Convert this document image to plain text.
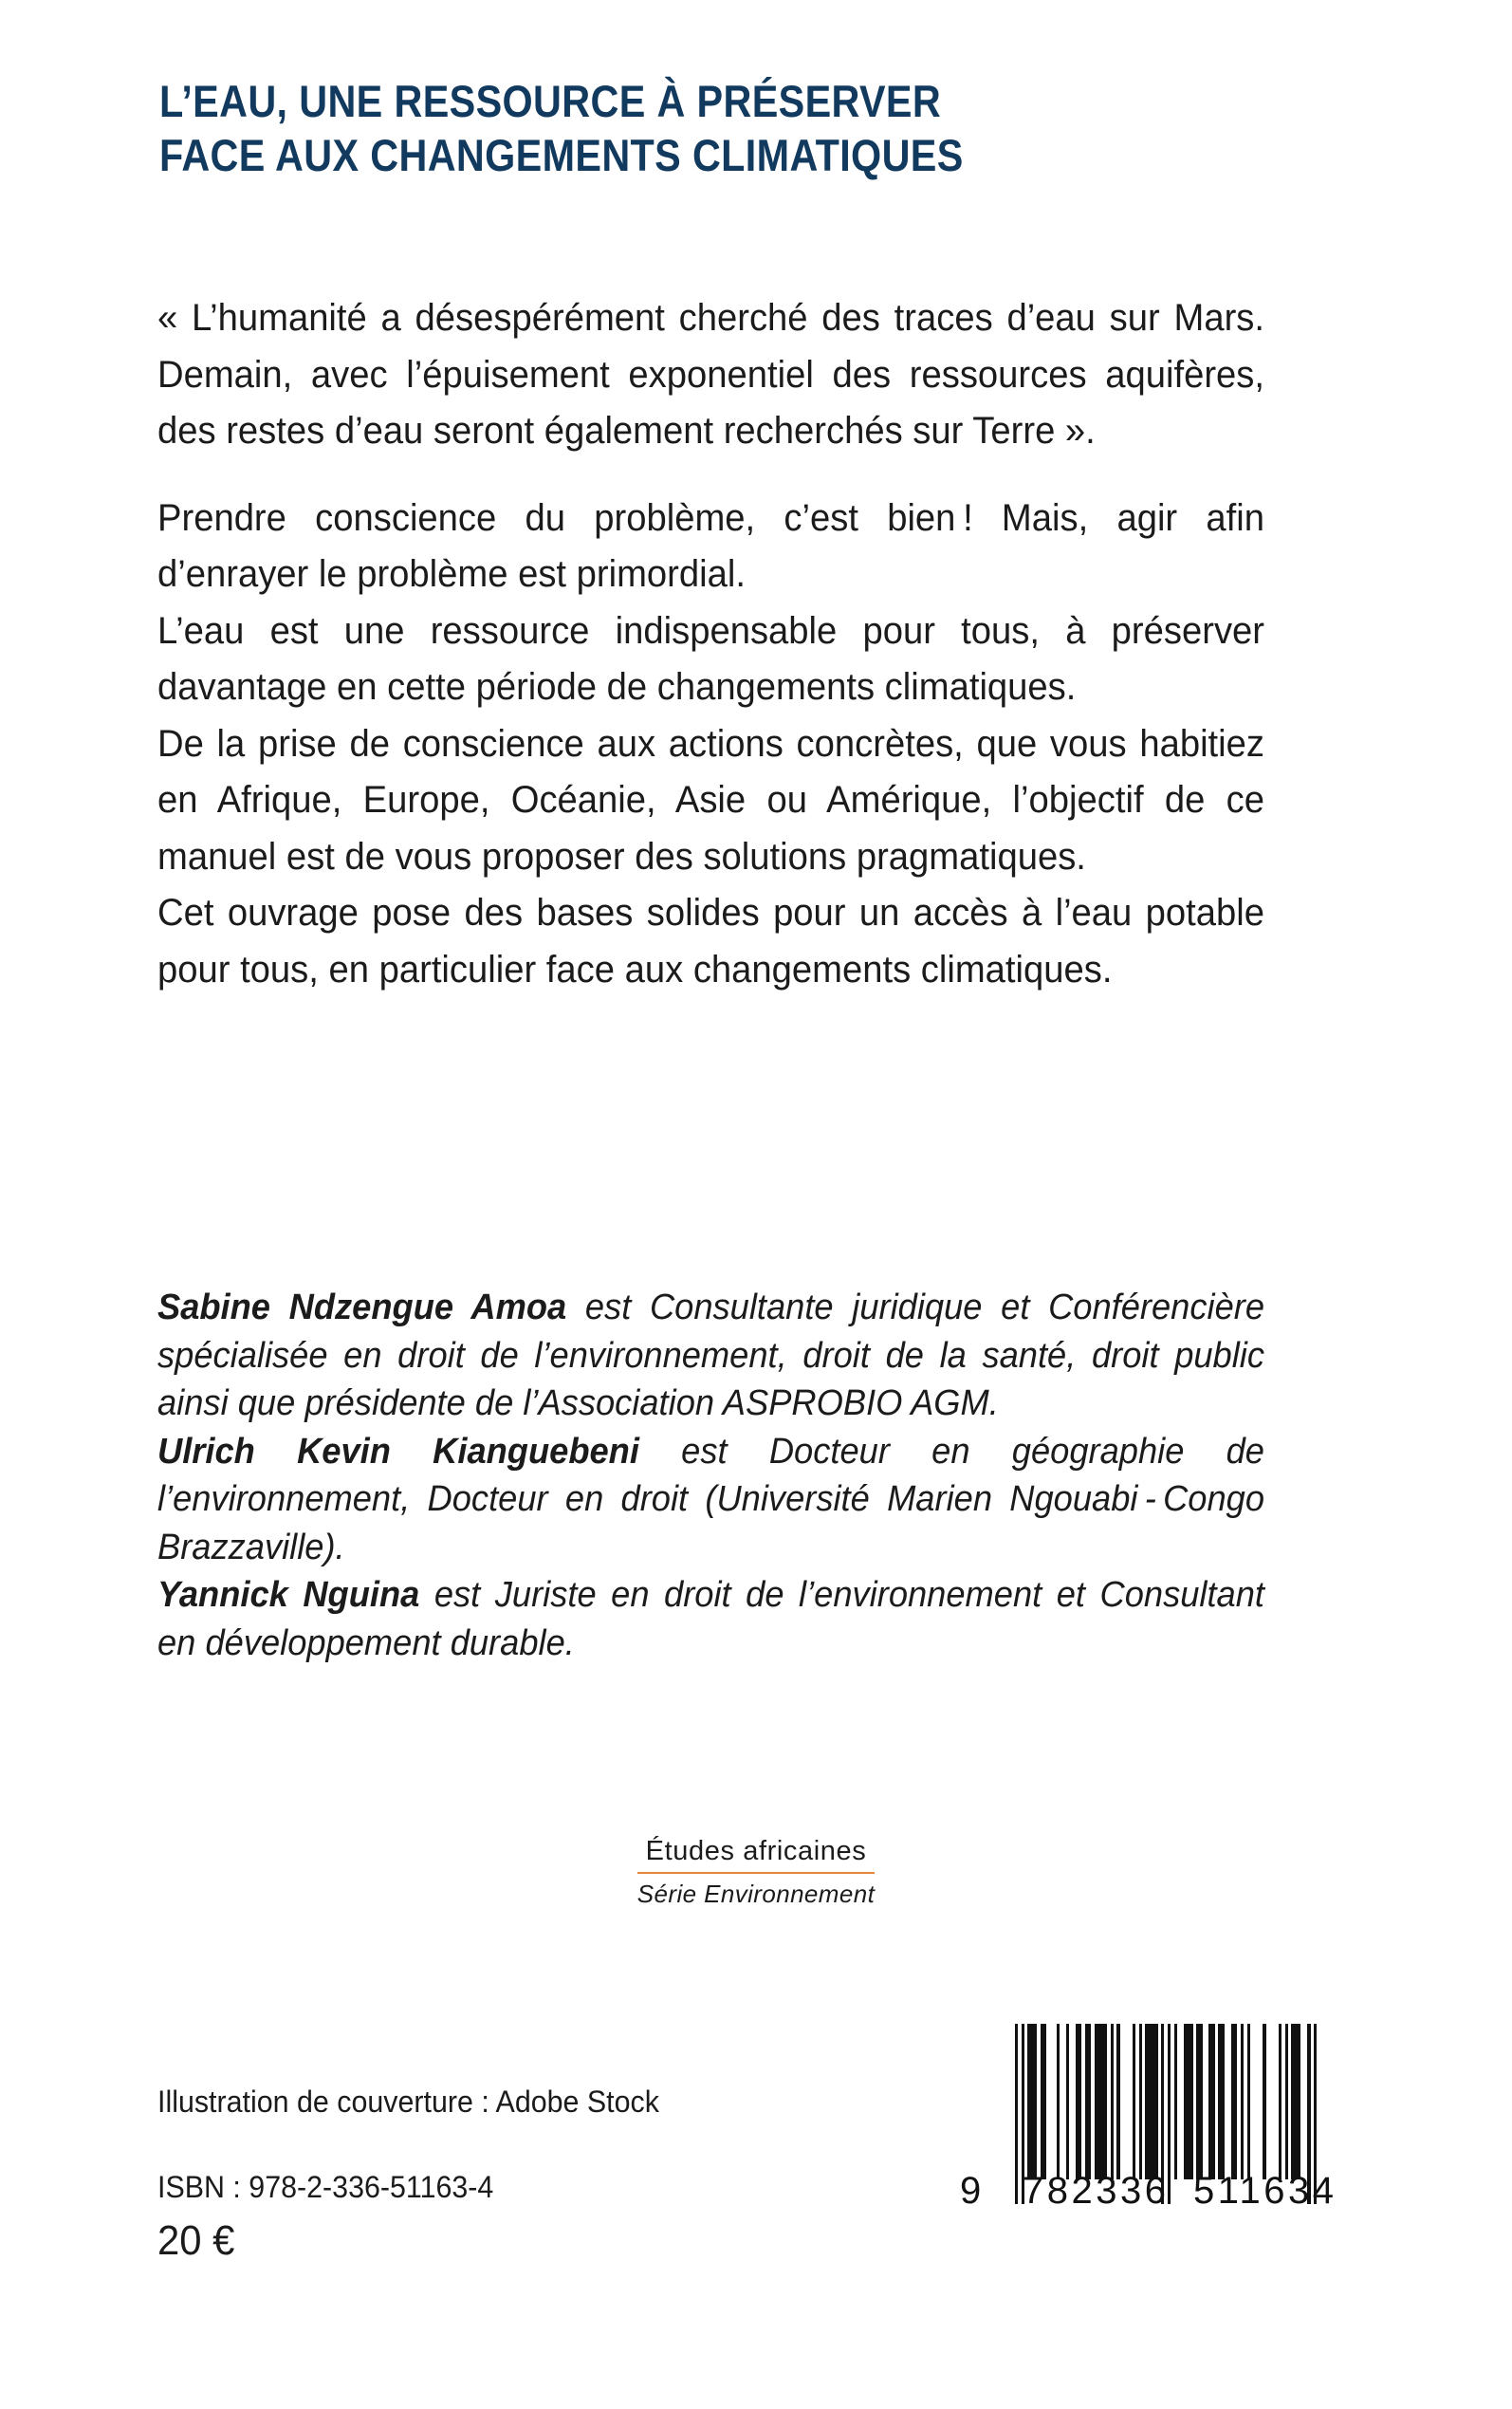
L’EAU, UNE RESSOURCE À PRÉSERVER
FACE AUX CHANGEMENTS CLIMATIQUES

« L’humanité a désespérément cherché des traces d’eau sur Mars. Demain, avec l’épuisement exponentiel des ressources aquifères, des restes d’eau seront également recherchés sur Terre ».

Prendre conscience du problème, c’est bien ! Mais, agir afin d’enrayer le problème est primordial.

L’eau est une ressource indispensable pour tous, à préserver davantage en cette période de changements climatiques.

De la prise de conscience aux actions concrètes, que vous habitiez en Afrique, Europe, Océanie, Asie ou Amérique, l’objectif de ce manuel est de vous proposer des solutions pragmatiques.

Cet ouvrage pose des bases solides pour un accès à l’eau potable pour tous, en particulier face aux changements climatiques.

Sabine Ndzengue Amoa est Consultante juridique et Conférencière spécialisée en droit de l’environnement, droit de la santé, droit public ainsi que présidente de l’Association ASPROBIO AGM.

Ulrich Kevin Kianguebeni est Docteur en géographie de l’environnement, Docteur en droit (Université Marien Ngouabi - Congo Brazzaville).

Yannick Nguina est Juriste en droit de l’environnement et Consultant en développement durable.

Études africaines
Série Environnement
Illustration de couverture : Adobe Stock
ISBN : 978-2-336-51163-4
20 €
9 782336 511634
